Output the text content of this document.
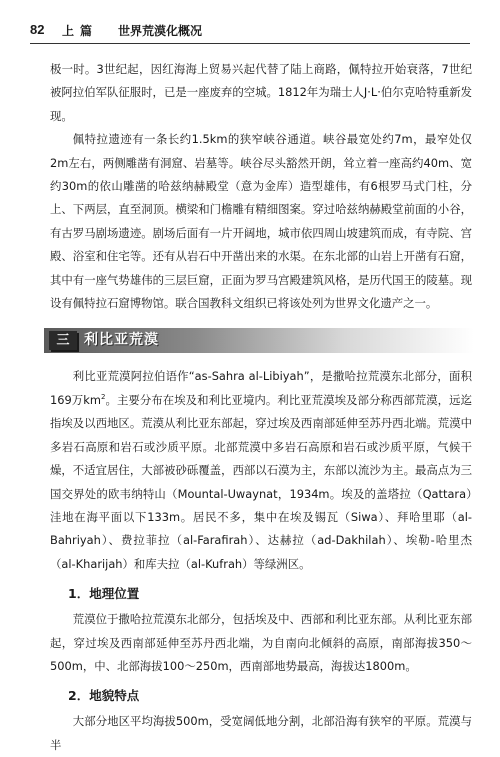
82 上篇 世界荒漠化概况

极一时。3世纪起，因红海海上贸易兴起代替了陆上商路，佩特拉开始衰落，7世纪被阿拉伯军队征服时，已是一座废弃的空城。1812年为瑞士人J·L·伯尔克哈特重新发现。

佩特拉遗迹有一条长约1.5km的狭窄峡谷通道。峡谷最宽处约7m，最窄处仅2m左右，两侧雕凿有洞窟、岩墓等。峡谷尽头豁然开朗，耸立着一座高约40m、宽约30m的依山雕凿的哈兹纳赫殿堂（意为金库）造型雄伟，有6根罗马式门柱，分上、下两层，直至洞顶。横梁和门檐雕有精细图案。穿过哈兹纳赫殿堂前面的小谷，有古罗马剧场遗迹。剧场后面有一片开阔地，城市依四周山坡建筑而成，有寺院、宫殿、浴室和住宅等。还有从岩石中开凿出来的水渠。在东北部的山岩上开凿有石窟，其中有一座气势雄伟的三层巨窟，正面为罗马宫殿建筑风格，是历代国王的陵墓。现设有佩特拉石窟博物馆。联合国教科文组织已将该处列为世界文化遗产之一。

三	利比亚荒漠

利比亚荒漠阿拉伯语作“as-Sahra al-Libiyah”，是撒哈拉荒漠东北部分，面积169万$km^2$。主要分布在埃及和利比亚境内。利比亚荒漠埃及部分称西部荒漠，远迄指埃及以西地区。荒漠从利比亚东部起，穿过埃及西南部延伸至苏丹西北端。荒漠中多岩石高原和岩石或沙质平原。北部荒漠中多岩石高原和岩石或沙质平原，气候干燥，不适宜居住，大部被砂砾覆盖，西部以石漠为主，东部以流沙为主。最高点为三国交界处的欧韦纳特山（Mountal-Uwaynat，1934m。埃及的盖塔拉（Qattara）洼地在海平面以下133m。居民不多，集中在埃及锡瓦（Siwa）、拜哈里耶（al-Bahriyah）、费拉菲拉（al-Farafirah）、达赫拉（ad-Dakhilah）、埃勒-哈里杰（al-Kharijah）和库夫拉（al-Kufrah）等绿洲区。

1．地理位置

荒漠位于撒哈拉荒漠东北部分，包括埃及中、西部和利比亚东部。从利比亚东部起，穿过埃及西南部延伸至苏丹西北端，为自南向北倾斜的高原，南部海拔350～500m，中、北部海拔100～250m，西南部地势最高，海拔达1800m。

2．地貌特点

大部分地区平均海拔500m，受宽阔低地分割，北部沿海有狭窄的平原。荒漠与半
